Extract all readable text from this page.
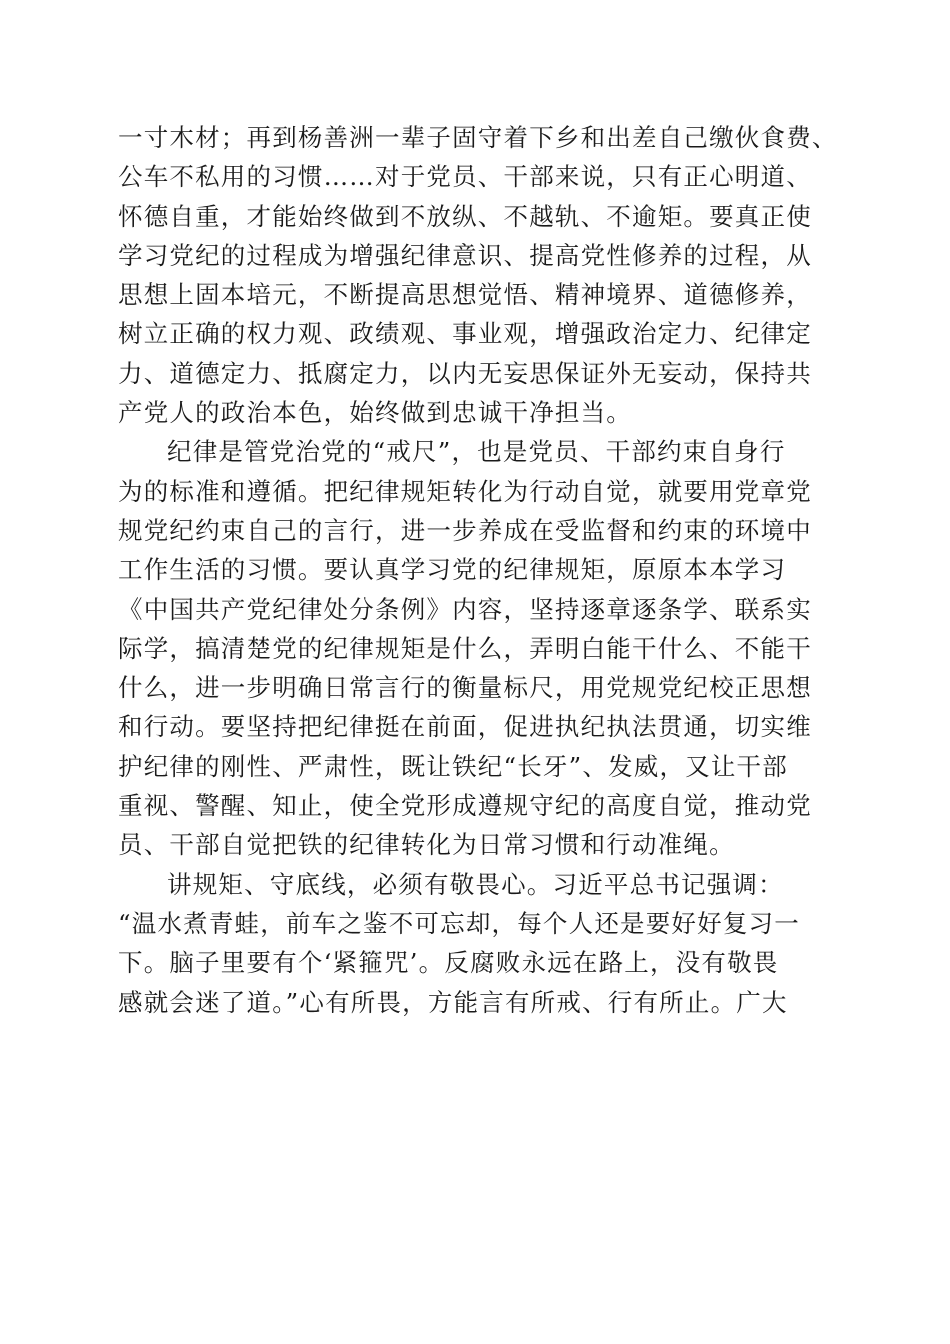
一寸木材；再到杨善洲一辈子固守着下乡和出差自己缴伙食费、
公车不私用的习惯……对于党员、干部来说，只有正心明道、
怀德自重，才能始终做到不放纵、不越轨、不逾矩。要真正使
学习党纪的过程成为增强纪律意识、提高党性修养的过程，从
思想上固本培元，不断提高思想觉悟、精神境界、道德修养，
树立正确的权力观、政绩观、事业观，增强政治定力、纪律定
力、道德定力、抵腐定力，以内无妄思保证外无妄动，保持共
产党人的政治本色，始终做到忠诚干净担当。
纪律是管党治党的“戒尺”，也是党员、干部约束自身行
为的标准和遵循。把纪律规矩转化为行动自觉，就要用党章党
规党纪约束自己的言行，进一步养成在受监督和约束的环境中
工作生活的习惯。要认真学习党的纪律规矩，原原本本学习
《中国共产党纪律处分条例》内容，坚持逐章逐条学、联系实
际学，搞清楚党的纪律规矩是什么，弄明白能干什么、不能干
什么，进一步明确日常言行的衡量标尺，用党规党纪校正思想
和行动。要坚持把纪律挺在前面，促进执纪执法贯通，切实维
护纪律的刚性、严肃性，既让铁纪“长牙”、发威，又让干部
重视、警醒、知止，使全党形成遵规守纪的高度自觉，推动党
员、干部自觉把铁的纪律转化为日常习惯和行动准绳。
讲规矩、守底线，必须有敬畏心。习近平总书记强调：
“温水煮青蛙，前车之鉴不可忘却，每个人还是要好好复习一
下。脑子里要有个‘紧箍咒’。反腐败永远在路上，没有敬畏
感就会迷了道。”心有所畏，方能言有所戒、行有所止。广大
